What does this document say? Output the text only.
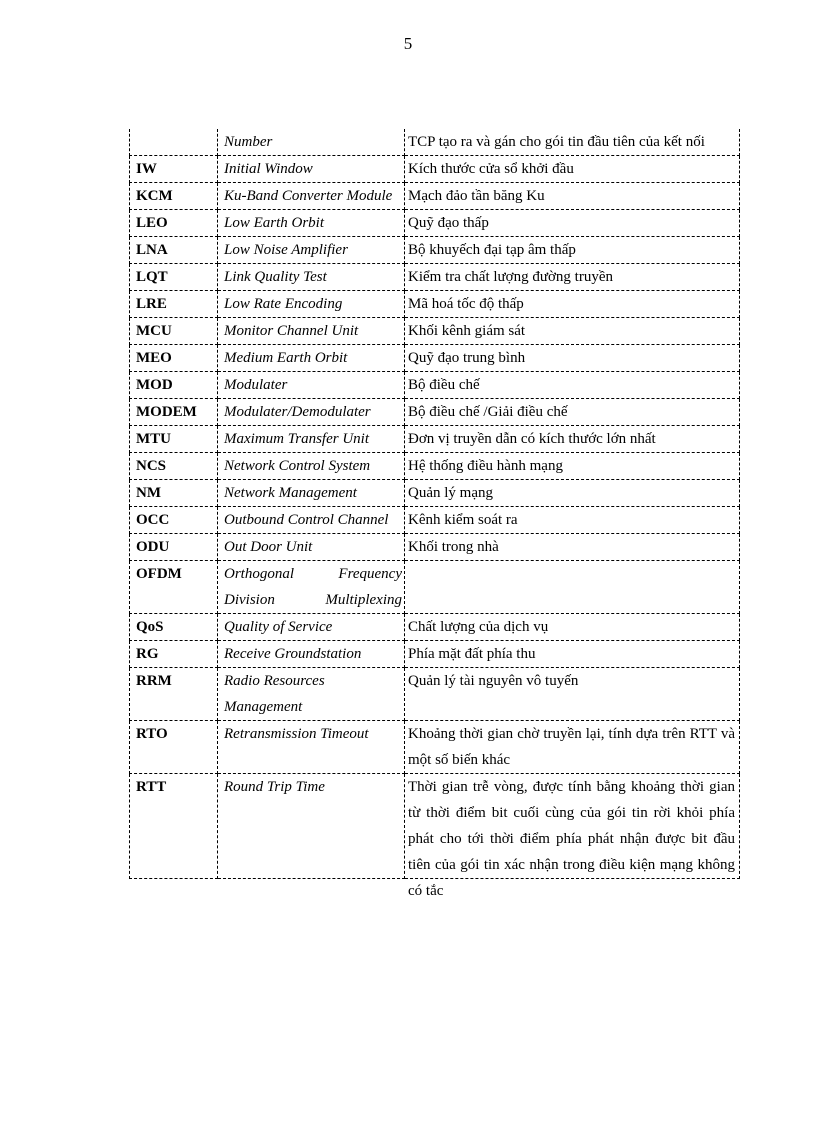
5
	Number	TCP tạo ra và gán cho gói tin đầu tiên của kết nối
IW	Initial Window	Kích thước cửa sổ khởi đầu
KCM	Ku-Band Converter Module	Mạch đảo tần băng Ku
LEO	Low Earth Orbit	Quỹ đạo thấp
LNA	Low Noise Amplifier	Bộ khuyếch đại tạp âm thấp
LQT	Link Quality Test	Kiểm tra chất lượng đường truyền
LRE	Low Rate Encoding	Mã hoá tốc độ thấp
MCU	Monitor Channel Unit	Khối kênh giám sát
MEO	Medium Earth Orbit	Quỹ đạo trung bình
MOD	Modulater	Bộ điều chế
MODEM	Modulater/Demodulater	Bộ điều chế /Giải điều chế
MTU	Maximum Transfer Unit	Đơn vị truyền dẫn có kích thước lớn nhất
NCS	Network Control System	Hệ thống điều hành mạng
NM	Network Management	Quản lý mạng
OCC	Outbound Control Channel	Kênh kiểm soát ra
ODU	Out Door Unit	Khối trong nhà
OFDM	Orthogonal Frequency Division Multiplexing	
QoS	Quality of Service	Chất lượng của dịch vụ
RG	Receive Groundstation	Phía mặt đất phía thu
RRM	Radio Resources Management	Quản lý tài nguyên vô tuyến
RTO	Retransmission Timeout	Khoảng thời gian chờ truyền lại, tính dựa trên RTT và một số biến khác
RTT	Round Trip Time	Thời gian trễ vòng, được tính bằng khoảng thời gian từ thời điểm bit cuối cùng của gói tin rời khỏi phía phát cho tới thời điểm phía phát nhận được bit đầu tiên của gói tin xác nhận trong điều kiện mạng không có tắc
